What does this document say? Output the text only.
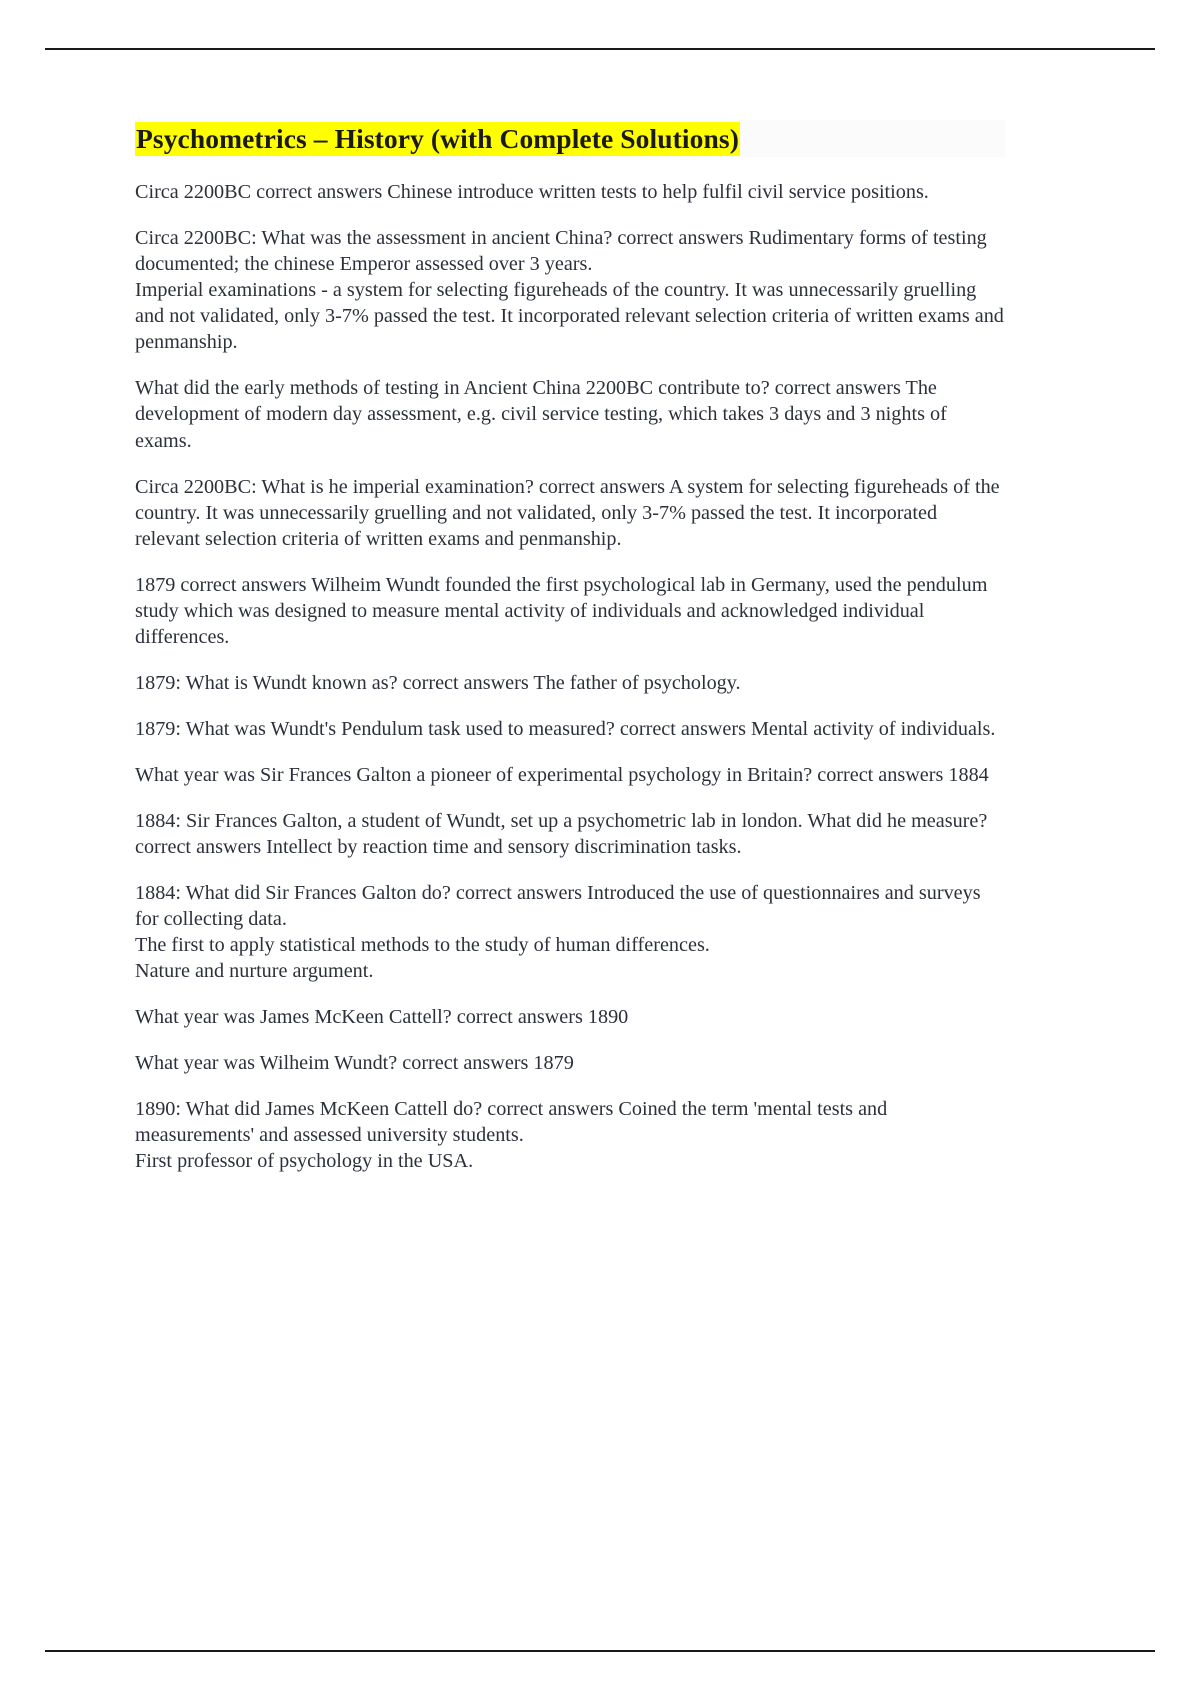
Psychometrics – History (with Complete Solutions)

Circa 2200BC correct answers Chinese introduce written tests to help fulfil civil service positions.

Circa 2200BC: What was the assessment in ancient China? correct answers Rudimentary forms of testing documented; the chinese Emperor assessed over 3 years.
Imperial examinations - a system for selecting figureheads of the country. It was unnecessarily gruelling and not validated, only 3-7% passed the test. It incorporated relevant selection criteria of written exams and penmanship.

What did the early methods of testing in Ancient China 2200BC contribute to? correct answers The development of modern day assessment, e.g. civil service testing, which takes 3 days and 3 nights of exams.

Circa 2200BC: What is he imperial examination? correct answers A system for selecting figureheads of the country. It was unnecessarily gruelling and not validated, only 3-7% passed the test. It incorporated relevant selection criteria of written exams and penmanship.

1879 correct answers Wilheim Wundt founded the first psychological lab in Germany, used the pendulum study which was designed to measure mental activity of individuals and acknowledged individual differences.

1879: What is Wundt known as? correct answers The father of psychology.

1879: What was Wundt's Pendulum task used to measured? correct answers Mental activity of individuals.

What year was Sir Frances Galton a pioneer of experimental psychology in Britain? correct answers 1884

1884: Sir Frances Galton, a student of Wundt, set up a psychometric lab in london. What did he measure? correct answers Intellect by reaction time and sensory discrimination tasks.

1884: What did Sir Frances Galton do? correct answers Introduced the use of questionnaires and surveys for collecting data.
The first to apply statistical methods to the study of human differences.
Nature and nurture argument.

What year was James McKeen Cattell? correct answers 1890

What year was Wilheim Wundt? correct answers 1879

1890: What did James McKeen Cattell do? correct answers Coined the term 'mental tests and measurements' and assessed university students.
First professor of psychology in the USA.
